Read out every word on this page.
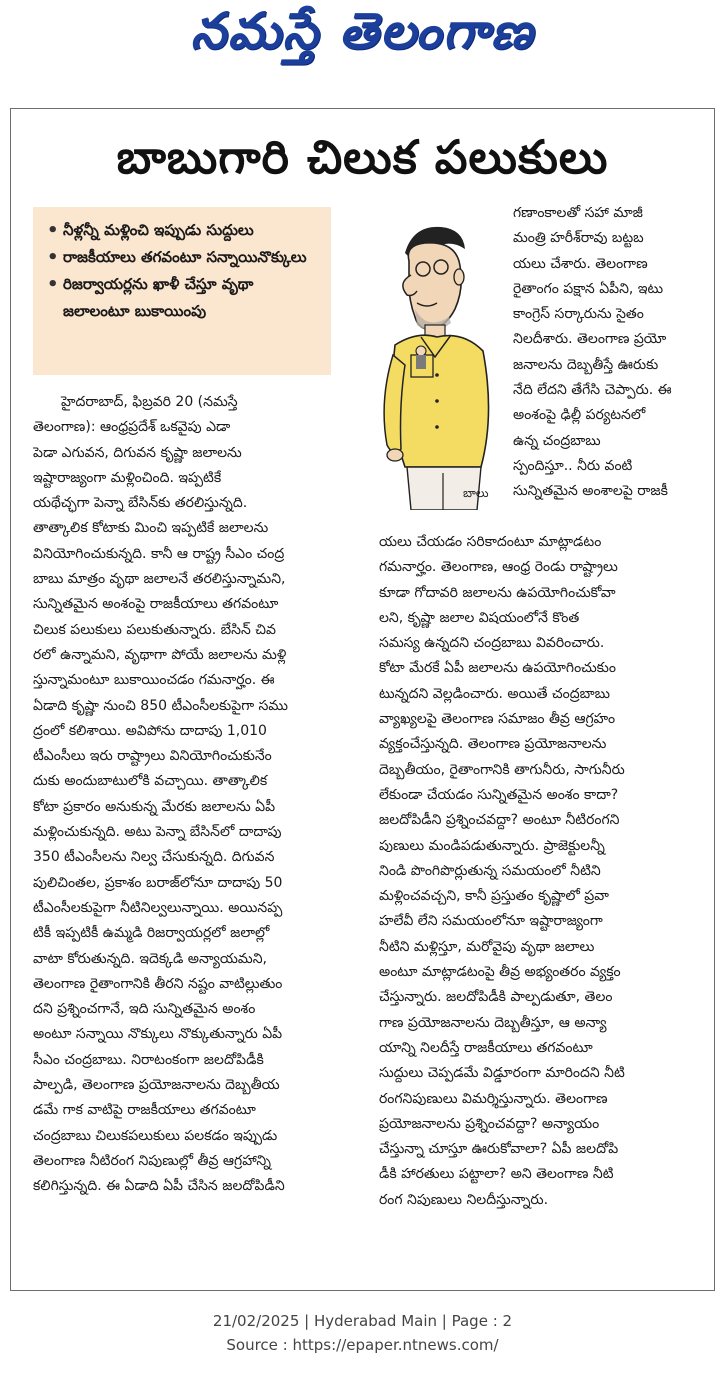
నమస్తే తెలంగాణ
బాబుగారి చిలుక పలుకులు
• నీళ్లన్నీ మళ్లించి ఇప్పుడు సుద్దులు
• రాజకీయాలు తగవంటూ సన్నాయినొక్కులు
• రిజర్వాయర్లను ఖాళీ చేస్తూ వృథా జలాలంటూ బుకాయింపు
బాలు
గణాంకాలతో సహా మాజీ
మంత్రి హరీశ్‌రావు బట్టబ
యలు చేశారు. తెలంగాణ
రైతాంగం పక్షాన ఏపీని, ఇటు
కాంగ్రెస్ సర్కారును సైతం
నిలదీశారు. తెలంగాణ ప్రయో
జనాలను దెబ్బతీస్తే ఊరుకు
నేది లేదని తేగేసి చెప్పారు. ఈ
అంశంపై ఢిల్లీ పర్యటనలో
ఉన్న చంద్రబాబు
స్పందిస్తూ.. నీరు వంటి
సున్నితమైన అంశాలపై రాజకీ
హైదరాబాద్, ఫిబ్రవరి 20 (నమస్తే
తెలంగాణ): ఆంధ్రప్రదేశ్ ఒకవైపు ఎడా
పెడా ఎగువన, దిగువన కృష్ణా జలాలను
ఇష్టారాజ్యంగా మళ్లించింది. ఇప్పటికే
యథేచ్ఛగా పెన్నా బేసిన్‌కు తరలిస్తున్నది.
తాత్కాలిక కోటాకు మించి ఇప్పటికే జలాలను
వినియోగించుకున్నది. కానీ ఆ రాష్ట్ర సీఎం చంద్ర
బాబు మాత్రం వృథా జలాలనే తరలిస్తున్నామని,
సున్నితమైన అంశంపై రాజకీయాలు తగవంటూ
చిలుక పలుకులు పలుకుతున్నారు. బేసిన్ చివ
రలో ఉన్నామని, వృథాగా పోయే జలాలను మళ్లి
స్తున్నామంటూ బుకాయించడం గమనార్హం. ఈ
ఏడాది కృష్ణా నుంచి 850 టీఎంసీలకుపైగా సము
ద్రంలో కలిశాయి. అవిపోను దాదాపు 1,010
టీఎంసీలు ఇరు రాష్ట్రాలు వినియోగించుకునేం
దుకు అందుబాటులోకి వచ్చాయి. తాత్కాలిక
కోటా ప్రకారం అనుకున్న మేరకు జలాలను ఏపీ
మళ్లించుకున్నది. అటు పెన్నా బేసిన్‌లో దాదాపు
350 టీఎంసీలను నిల్వ చేసుకున్నది. దిగువన
పులిచింతల, ప్రకాశం బరాజ్‌లోనూ దాదాపు 50
టీఎంసీలకుపైగా నీటినిల్వలున్నాయి. అయినప్ప
టికీ ఇప్పటికీ ఉమ్మడి రిజర్వాయర్లలో జలాల్లో
వాటా కోరుతున్నది. ఇదెక్కడి అన్యాయమని,
తెలంగాణ రైతాంగానికి తీరని నష్టం వాటిల్లుతుం
దని ప్రశ్నించగానే, ఇది సున్నితమైన అంశం
అంటూ సన్నాయి నొక్కులు నొక్కుతున్నారు ఏపీ
సీఎం చంద్రబాబు. నిరాటంకంగా జలదోపిడీకి
పాల్పడి, తెలంగాణ ప్రయోజనాలను దెబ్బతీయ
డమే గాక వాటిపై రాజకీయాలు తగవంటూ
చంద్రబాబు చిలుకపలుకులు పలకడం ఇప్పుడు
తెలంగాణ నీటిరంగ నిపుణుల్లో తీవ్ర ఆగ్రహాన్ని
కలిగిస్తున్నది. ఈ ఏడాది ఏపీ చేసిన జలదోపిడీని
యలు చేయడం సరికాదంటూ మాట్లాడటం
గమనార్హం. తెలంగాణ, ఆంధ్ర రెండు రాష్ట్రాలు
కూడా గోదావరి జలాలను ఉపయోగించుకోవా
లని, కృష్ణా జలాల విషయంలోనే కొంత
సమస్య ఉన్నదని చంద్రబాబు వివరించారు.
కోటా మేరకే ఏపీ జలాలను ఉపయోగించుకుం
టున్నదని వెల్లడించారు. అయితే చంద్రబాబు
వ్యాఖ్యలపై తెలంగాణ సమాజం తీవ్ర ఆగ్రహం
వ్యక్తంచేస్తున్నది. తెలంగాణ ప్రయోజనాలను
దెబ్బతీయం, రైతాంగానికి తాగునీరు, సాగునీరు
లేకుండా చేయడం సున్నితమైన అంశం కాదా?
జలదోపిడీని ప్రశ్నించవద్దా? అంటూ నీటిరంగని
పుణులు మండిపడుతున్నారు. ప్రాజెక్టులన్నీ
నిండి పొంగిపొర్లుతున్న సమయంలో నీటిని
మళ్లించవచ్చని, కానీ ప్రస్తుతం కృష్ణాలో ప్రవా
హలేవీ లేని సమయంలోనూ ఇష్టారాజ్యంగా
నీటిని మళ్లిస్తూ, మరోవైపు వృథా జలాలు
అంటూ మాట్లాడటంపై తీవ్ర అభ్యంతరం వ్యక్తం
చేస్తున్నారు. జలదోపిడీకి పాల్పడుతూ, తెలం
గాణ ప్రయోజనాలను దెబ్బతీస్తూ, ఆ అన్యా
యాన్ని నిలదీస్తే రాజకీయాలు తగవంటూ
సుద్దులు చెప్పడమే విడ్డూరంగా మారిందని నీటి
రంగనిపుణులు విమర్శిస్తున్నారు. తెలంగాణ
ప్రయోజనాలను ప్రశ్నించవద్దా? అన్యాయం
చేస్తున్నా చూస్తూ ఊరుకోవాలా? ఏపీ జలదోపి
డీకి హారతులు పట్టాలా? అని తెలంగాణ నీటి
రంగ నిపుణులు నిలదీస్తున్నారు.
21/02/2025 | Hyderabad Main | Page : 2
Source : https://epaper.ntnews.com/
